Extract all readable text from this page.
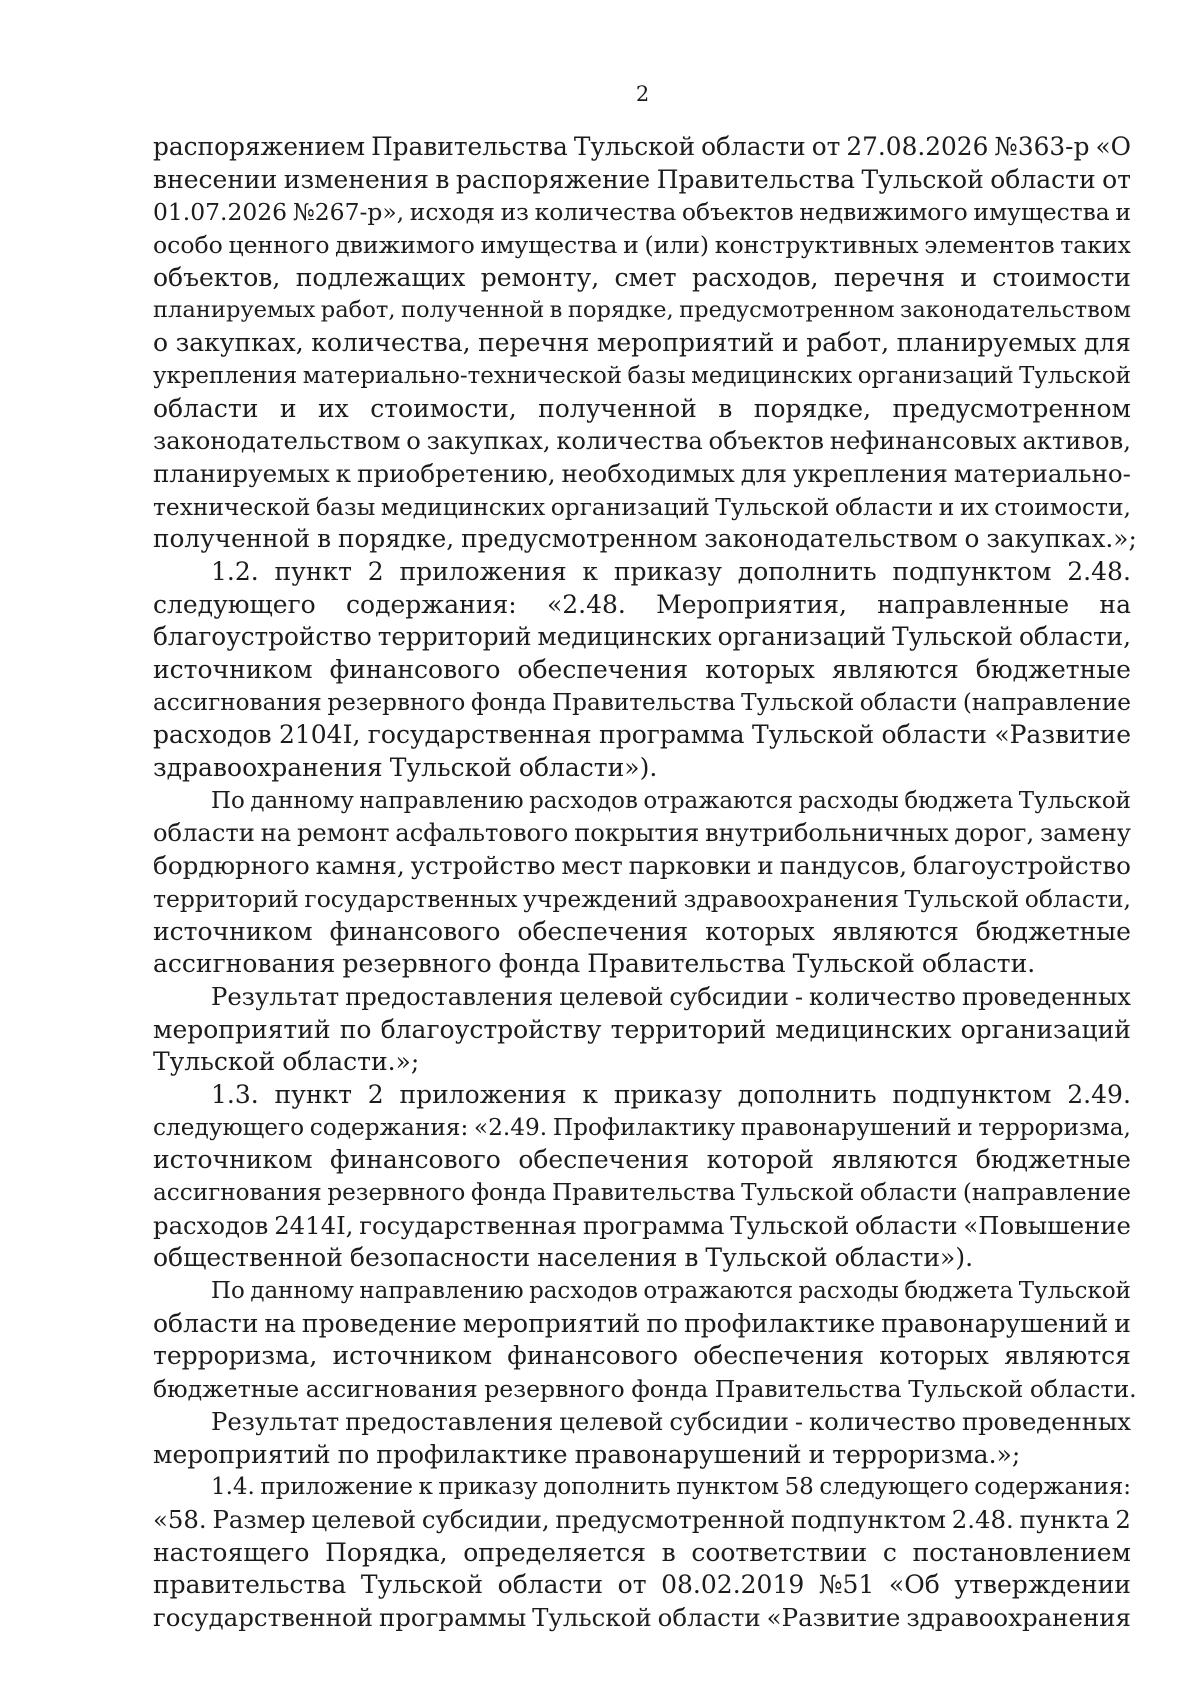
2
распоряжением Правительства Тульской области от 27.08.2026 №363-р «О
внесении изменения в распоряжение Правительства Тульской области от
01.07.2026 №267-р», исходя из количества объектов недвижимого имущества и
особо ценного движимого имущества и (или) конструктивных элементов таких
объектов, подлежащих ремонту, смет расходов, перечня и стоимости
планируемых работ, полученной в порядке, предусмотренном законодательством
о закупках, количества, перечня мероприятий и работ, планируемых для
укрепления материально-технической базы медицинских организаций Тульской
области и их стоимости, полученной в порядке, предусмотренном
законодательством о закупках, количества объектов нефинансовых активов,
планируемых к приобретению, необходимых для укрепления материально-
технической базы медицинских организаций Тульской области и их стоимости,
полученной в порядке, предусмотренном законодательством о закупках.»;
1.2. пункт 2 приложения к приказу дополнить подпунктом 2.48.
следующего содержания: «2.48. Мероприятия, направленные на
благоустройство территорий медицинских организаций Тульской области,
источником финансового обеспечения которых являются бюджетные
ассигнования резервного фонда Правительства Тульской области (направление
расходов 2104I, государственная программа Тульской области «Развитие
здравоохранения Тульской области»).
По данному направлению расходов отражаются расходы бюджета Тульской
области на ремонт асфальтового покрытия внутрибольничных дорог, замену
бордюрного камня, устройство мест парковки и пандусов, благоустройство
территорий государственных учреждений здравоохранения Тульской области,
источником финансового обеспечения которых являются бюджетные
ассигнования резервного фонда Правительства Тульской области.
Результат предоставления целевой субсидии - количество проведенных
мероприятий по благоустройству территорий медицинских организаций
Тульской области.»;
1.3. пункт 2 приложения к приказу дополнить подпунктом 2.49.
следующего содержания: «2.49. Профилактику правонарушений и терроризма,
источником финансового обеспечения которой являются бюджетные
ассигнования резервного фонда Правительства Тульской области (направление
расходов 2414I, государственная программа Тульской области «Повышение
общественной безопасности населения в Тульской области»).
По данному направлению расходов отражаются расходы бюджета Тульской
области на проведение мероприятий по профилактике правонарушений и
терроризма, источником финансового обеспечения которых являются
бюджетные ассигнования резервного фонда Правительства Тульской области.
Результат предоставления целевой субсидии - количество проведенных
мероприятий по профилактике правонарушений и терроризма.»;
1.4. приложение к приказу дополнить пунктом 58 следующего содержания:
«58. Размер целевой субсидии, предусмотренной подпунктом 2.48. пункта 2
настоящего Порядка, определяется в соответствии с постановлением
правительства Тульской области от 08.02.2019 №51 «Об утверждении
государственной программы Тульской области «Развитие здравоохранения
